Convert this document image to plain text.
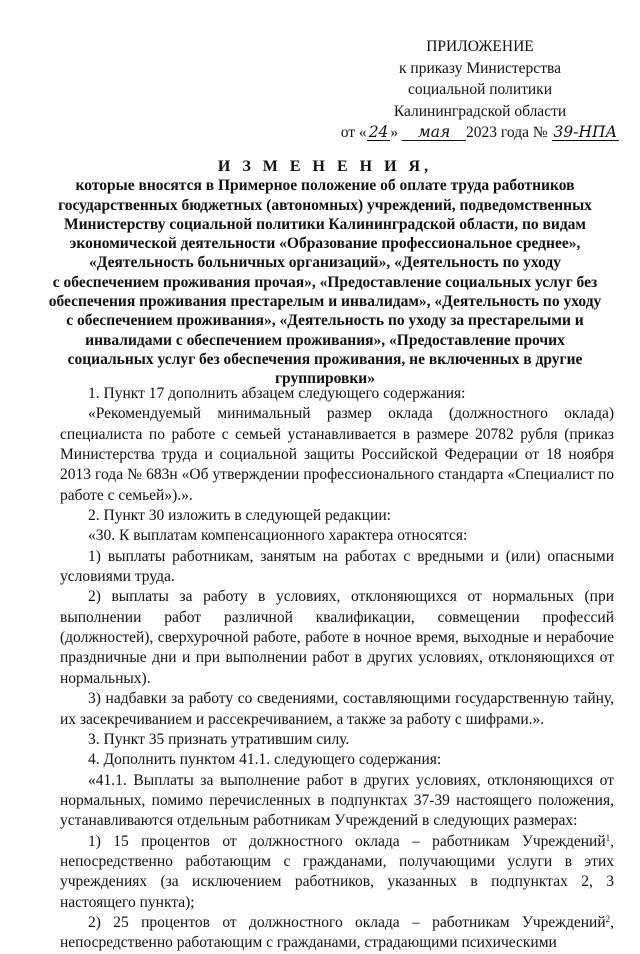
ПРИЛОЖЕНИЕ
к приказу Министерства
социальной политики
Калининградской области
от « 24 » мая 2023 года № 39-НПА
И З М Е Н Е Н И Я,
которые вносятся в Примерное положение об оплате труда работников
государственных бюджетных (автономных) учреждений, подведомственных
Министерству социальной политики Калининградской области, по видам
экономической деятельности «Образование профессиональное среднее»,
«Деятельность больничных организаций», «Деятельность по уходу
с обеспечением проживания прочая», «Предоставление социальных услуг без
обеспечения проживания престарелым и инвалидам», «Деятельность по уходу
с обеспечением проживания», «Деятельность по уходу за престарелыми и
инвалидами с обеспечением проживания», «Предоставление прочих
социальных услуг без обеспечения проживания, не включенных в другие
группировки»

1. Пункт 17 дополнить абзацем следующего содержания:

«Рекомендуемый минимальный размер оклада (должностного оклада) специалиста по работе с семьей устанавливается в размере 20782 рубля (приказ Министерства труда и социальной защиты Российской Федерации от 18 ноября 2013 года № 683н «Об утверждении профессионального стандарта «Специалист по работе с семьей»).».

2. Пункт 30 изложить в следующей редакции:

«30. К выплатам компенсационного характера относятся:

1) выплаты работникам, занятым на работах с вредными и (или) опасными условиями труда.

2) выплаты за работу в условиях, отклоняющихся от нормальных (при выполнении работ различной квалификации, совмещении профессий (должностей), сверхурочной работе, работе в ночное время, выходные и нерабочие праздничные дни и при выполнении работ в других условиях, отклоняющихся от нормальных).

3) надбавки за работу со сведениями, составляющими государственную тайну, их засекречиванием и рассекречиванием, а также за работу с шифрами.».

3. Пункт 35 признать утратившим силу.

4. Дополнить пунктом 41.1. следующего содержания:

«41.1. Выплаты за выполнение работ в других условиях, отклоняющихся от нормальных, помимо перечисленных в подпунктах 37-39 настоящего положения, устанавливаются отдельным работникам Учреждений в следующих размерах:

1) 15 процентов от должностного оклада – работникам Учреждений$^1$, непосредственно работающим с гражданами, получающими услуги в этих учреждениях (за исключением работников, указанных в подпунктах 2, 3 настоящего пункта);

2) 25 процентов от должностного оклада – работникам Учреждений$^2$, непосредственно работающим с гражданами, страдающими психическими
